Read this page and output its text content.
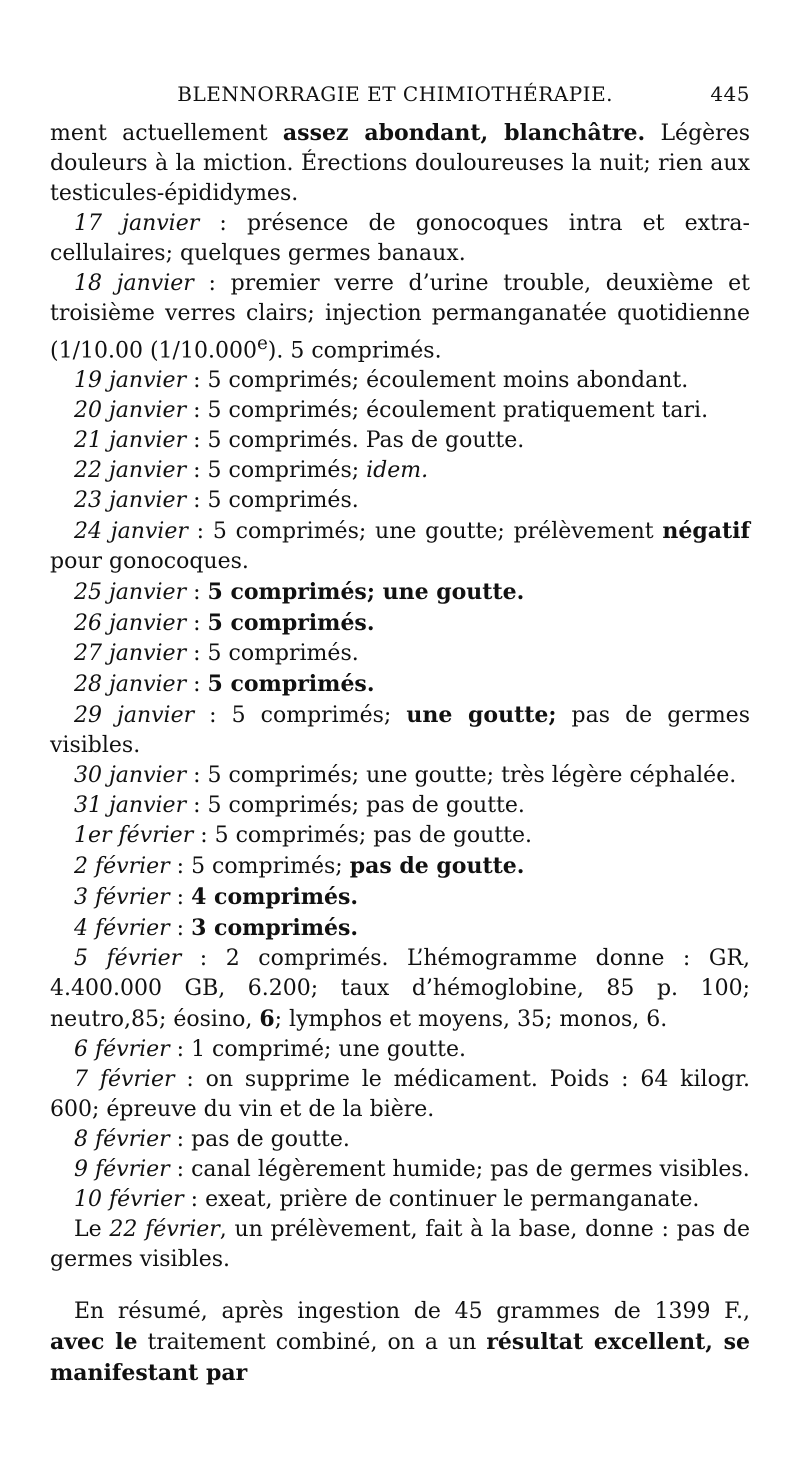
BLENNORRAGIE ET CHIMIOTHÉRAPIE.	445

ment actuellement assez abondant, blanchâtre. Légères douleurs à la miction. Érections douloureuses la nuit; rien aux testicules-épididymes.

17 janvier : présence de gonocoques intra et extra-cellulaires; quelques germes banaux.

18 janvier : premier verre d’urine trouble, deuxième et troisième verres clairs; injection permanganatée quotidienne (1/10.00 (1/10.000e). 5 comprimés.

19 janvier : 5 comprimés; écoulement moins abondant.

20 janvier : 5 comprimés; écoulement pratiquement tari.

21 janvier : 5 comprimés. Pas de goutte.

22 janvier : 5 comprimés; idem.

23 janvier : 5 comprimés.

24 janvier : 5 comprimés; une goutte; prélèvement négatif pour gonocoques.

25 janvier : 5 comprimés; une goutte.

26 janvier : 5 comprimés.

27 janvier : 5 comprimés.

28 janvier : 5 comprimés.

29 janvier : 5 comprimés; une goutte; pas de germes visibles.

30 janvier : 5 comprimés; une goutte; très légère céphalée.

31 janvier : 5 comprimés; pas de goutte.

1er février : 5 comprimés; pas de goutte.

2 février : 5 comprimés; pas de goutte.

3 février : 4 comprimés.

4 février : 3 comprimés.

5 février : 2 comprimés. L’hémogramme donne : GR, 4.400.000 GB, 6.200; taux d’hémoglobine, 85 p. 100; neutro,85; éosino, 6; lymphos et moyens, 35; monos, 6.

6 février : 1 comprimé; une goutte.

7 février : on supprime le médicament. Poids : 64 kilogr. 600; épreuve du vin et de la bière.

8 février : pas de goutte.

9 février : canal légèrement humide; pas de germes visibles.

10 février : exeat, prière de continuer le permanganate.

Le 22 février, un prélèvement, fait à la base, donne : pas de germes visibles.

En résumé, après ingestion de 45 grammes de 1399 F., avec le traitement combiné, on a un résultat excellent, se manifestant par
